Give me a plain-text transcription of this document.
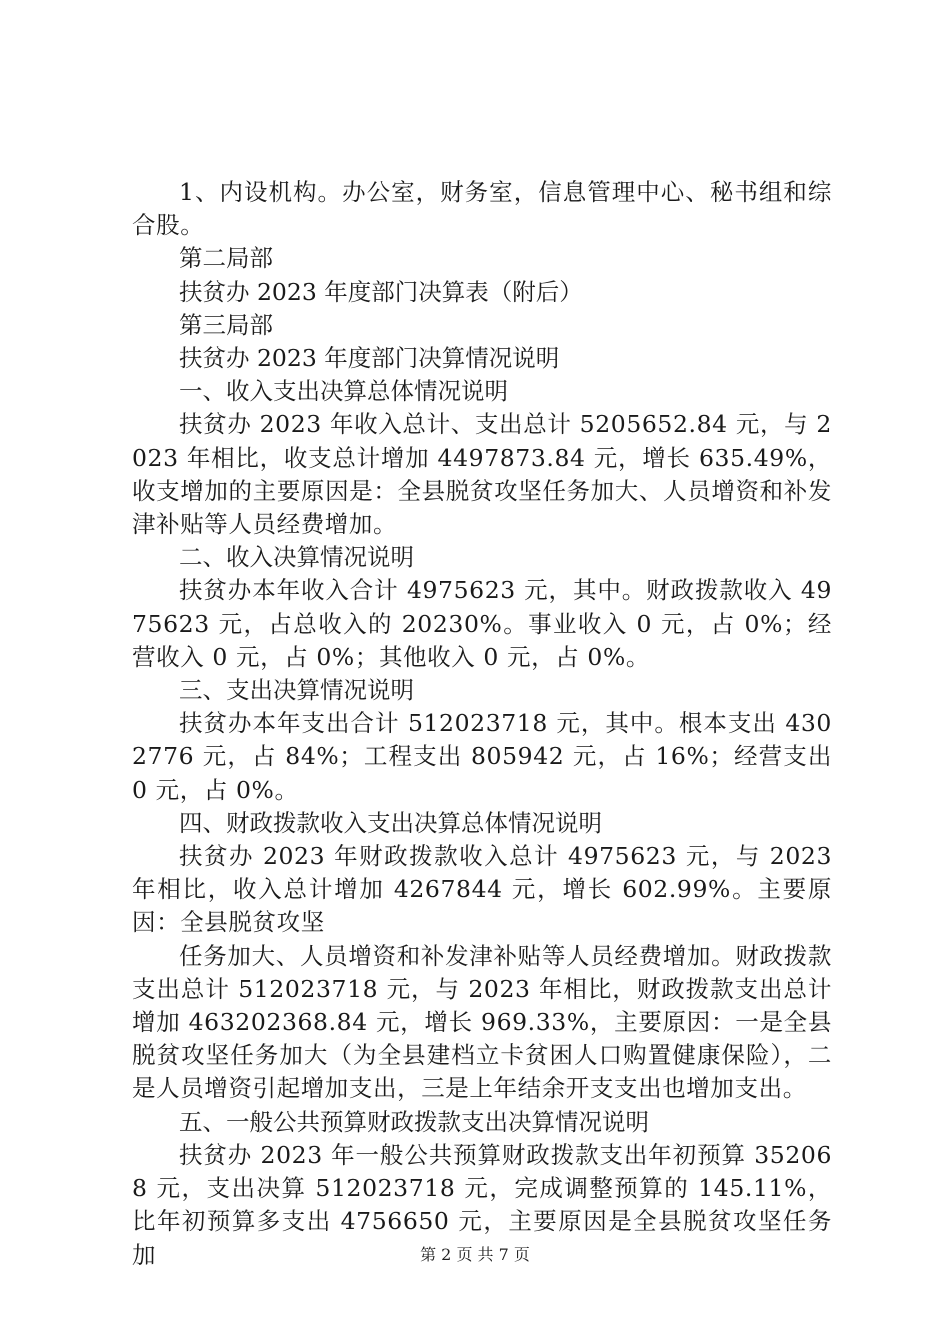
1、内设机构。办公室，财务室，信息管理中心、秘书组和综合股。

第二局部

扶贫办 2023 年度部门决算表（附后）

第三局部

扶贫办 2023 年度部门决算情况说明

一、收入支出决算总体情况说明

扶贫办 2023 年收入总计、支出总计 5205652.84 元，与 2023 年相比，收支总计增加 4497873.84 元，增长 635.49%，收支增加的主要原因是：全县脱贫攻坚任务加大、人员增资和补发津补贴等人员经费增加。

二、收入决算情况说明

扶贫办本年收入合计 4975623 元，其中。财政拨款收入 4975623 元，占总收入的 20230%。事业收入 0 元，占 0%；经营收入 0 元，占 0%；其他收入 0 元，占 0%。

三、支出决算情况说明

扶贫办本年支出合计 512023718 元，其中。根本支出 4302776 元，占 84%；工程支出 805942 元，占 16%；经营支出 0 元，占 0%。

四、财政拨款收入支出决算总体情况说明

扶贫办 2023 年财政拨款收入总计 4975623 元，与 2023 年相比，收入总计增加 4267844 元，增长 602.99%。主要原因：全县脱贫攻坚

任务加大、人员增资和补发津补贴等人员经费增加。财政拨款支出总计 512023718 元，与 2023 年相比，财政拨款支出总计增加 463202368.84 元，增长 969.33%，主要原因：一是全县脱贫攻坚任务加大（为全县建档立卡贫困人口购置健康保险），二是人员增资引起增加支出，三是上年结余开支支出也增加支出。

五、一般公共预算财政拨款支出决算情况说明

扶贫办 2023 年一般公共预算财政拨款支出年初预算 352068 元，支出决算 512023718 元，完成调整预算的 145.11%，比年初预算多支出 4756650 元，主要原因是全县脱贫攻坚任务加	第 2 页 共 7 页
